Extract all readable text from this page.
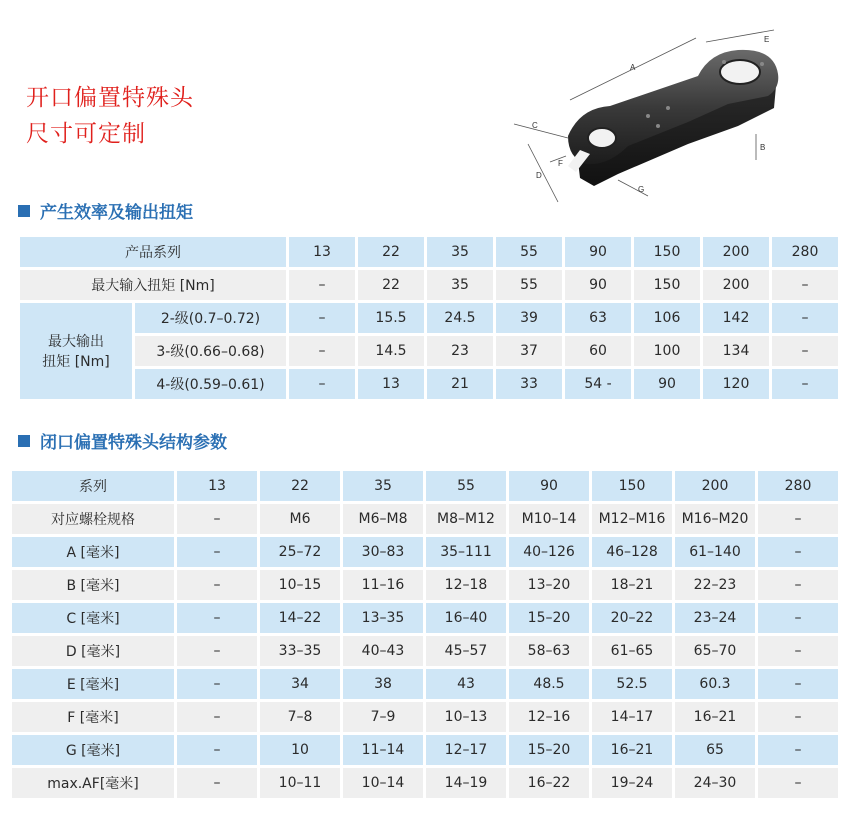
开口偏置特殊头
尺寸可定制
A
B
C
D
E
F
G
产生效率及输出扭矩
产品系列		13	22	35	55	90	150	200	280
最大输入扭矩 [Nm]		–	22	35	55	90	150	200	–

最大输出
扭矩 [Nm]	2-级(0.7–0.72)	–	15.5	24.5	39	63	106	142	–
	3-级(0.66–0.68)	–	14.5	23	37	60	100	134	–
	4-级(0.59–0.61)	–	13	21	33	54 -	90	120	–
闭口偏置特殊头结构参数
系列	13	22	35	55	90	150	200	280
对应螺栓规格	–	M6	M6–M8	M8–M12	M10–14	M12–M16	M16–M20	–
A [毫米]	–	25–72	30–83	35–111	40–126	46–128	61–140	–
B [毫米]	–	10–15	11–16	12–18	13–20	18–21	22–23	–
C [毫米]	–	14–22	13–35	16–40	15–20	20–22	23–24	–
D [毫米]	–	33–35	40–43	45–57	58–63	61–65	65–70	–
E [毫米]	–	34	38	43	48.5	52.5	60.3	–
F [毫米]	–	7–8	7–9	10–13	12–16	14–17	16–21	–
G [毫米]	–	10	11–14	12–17	15–20	16–21	65	–
max.AF[毫米]	–	10–11	10–14	14–19	16–22	19–24	24–30	–
